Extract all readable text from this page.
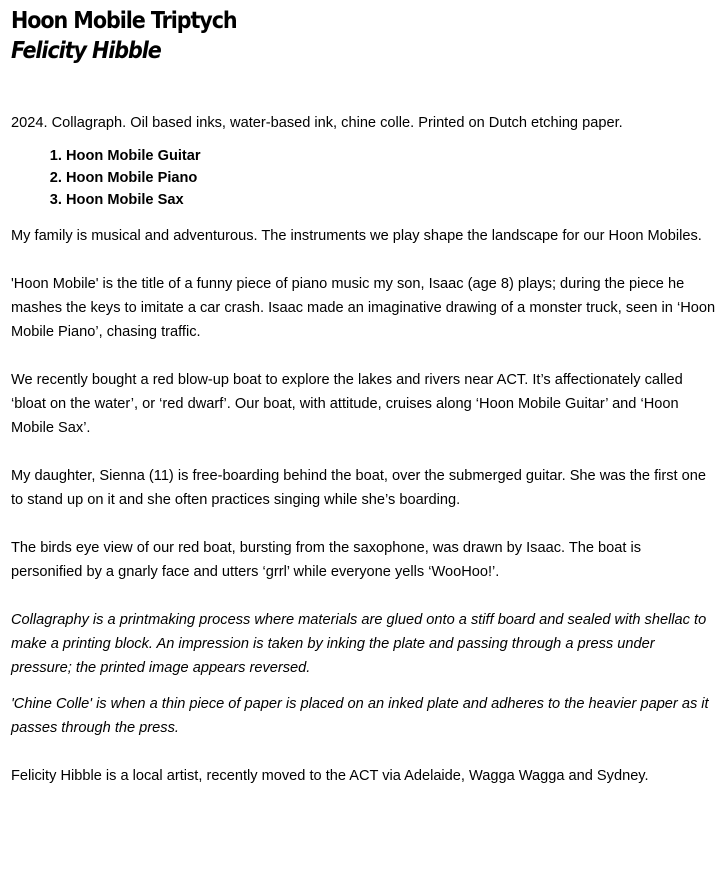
Hoon Mobile Triptych
Felicity Hibble

2024. Collagraph. Oil based inks, water-based ink, chine colle. Printed on Dutch etching paper.

1. Hoon Mobile Guitar
2. Hoon Mobile Piano
3. Hoon Mobile Sax

My family is musical and adventurous. The instruments we play shape the landscape for our Hoon Mobiles.

'Hoon Mobile' is the title of a funny piece of piano music my son, Isaac (age 8) plays; during the piece he mashes the keys to imitate a car crash. Isaac made an imaginative drawing of a monster truck, seen in ‘Hoon Mobile Piano’, chasing traffic.

We recently bought a red blow-up boat to explore the lakes and rivers near ACT. It’s affectionately called ‘bloat on the water’, or ‘red dwarf’. Our boat, with attitude, cruises along ‘Hoon Mobile Guitar’ and ‘Hoon Mobile Sax’.

My daughter, Sienna (11) is free-boarding behind the boat, over the submerged guitar. She was the first one to stand up on it and she often practices singing while she’s boarding.

The birds eye view of our red boat, bursting from the saxophone, was drawn by Isaac. The boat is personified by a gnarly face and utters ‘grrl’ while everyone yells ‘WooHoo!’.

Collagraphy is a printmaking process where materials are glued onto a stiff board and sealed with shellac to make a printing block. An impression is taken by inking the plate and passing through a press under pressure; the printed image appears reversed.

'Chine Colle' is when a thin piece of paper is placed on an inked plate and adheres to the heavier paper as it passes through the press.

Felicity Hibble is a local artist, recently moved to the ACT via Adelaide, Wagga Wagga and Sydney.
